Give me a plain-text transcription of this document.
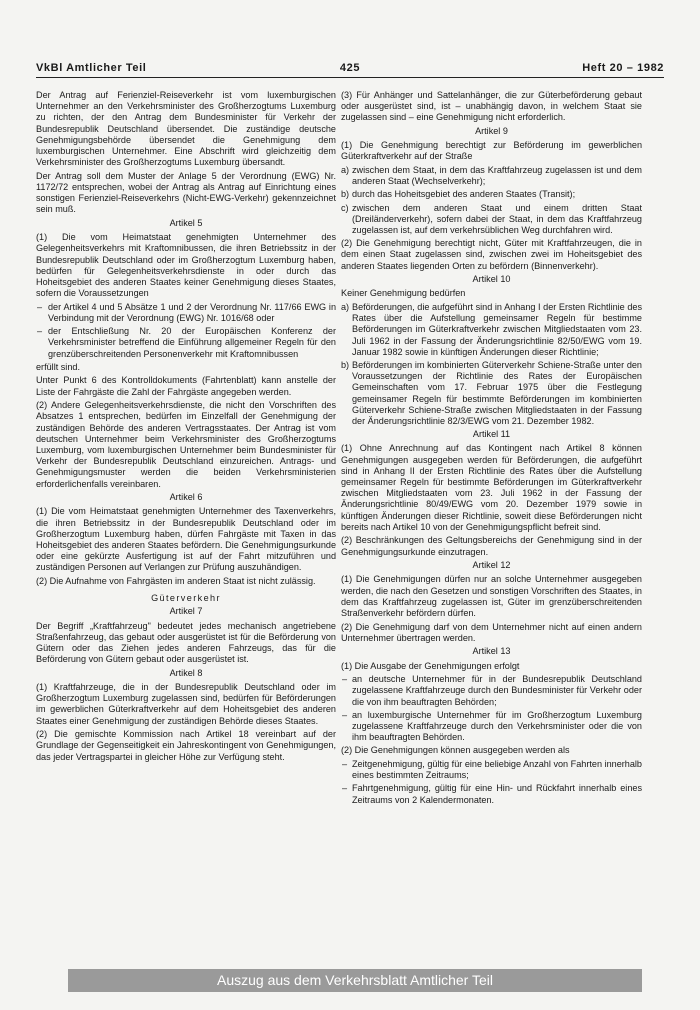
VkBl Amtlicher Teil	425	Heft 20 – 1982

Der Antrag auf Ferienziel-Reiseverkehr ist vom luxemburgischen Unternehmer an den Verkehrsminister des Großherzogtums Luxemburg zu richten, der den Antrag dem Bundesminister für Verkehr der Bundesrepublik Deutschland übersendet. Die zuständige deutsche Genehmigungsbehörde übersendet die Genehmigung dem luxemburgischen Unternehmer. Eine Abschrift wird gleichzeitig dem Verkehrsminister des Großherzogtums Luxemburg übersandt.

Der Antrag soll dem Muster der Anlage 5 der Verordnung (EWG) Nr. 1172/72 entsprechen, wobei der Antrag als Antrag auf Einrichtung eines sonstigen Ferienziel-Reiseverkehrs (Nicht-EWG-Verkehr) gekennzeichnet sein muß.

Artikel 5

(1) Die vom Heimatstaat genehmigten Unternehmer des Gelegenheitsverkehrs mit Kraftomnibussen, die ihren Betriebssitz in der Bundesrepublik Deutschland oder im Großherzogtum Luxemburg haben, bedürfen für Gelegenheitsverkehrsdienste in oder durch das Hoheitsgebiet des anderen Staates keiner Genehmigung dieses Staates, sofern die Voraussetzungen

– der Artikel 4 und 5 Absätze 1 und 2 der Verordnung Nr. 117/66 EWG in Verbindung mit der Verordnung (EWG) Nr. 1016/68 oder
– der Entschließung Nr. 20 der Europäischen Konferenz der Verkehrsminister betreffend die Einführung allgemeiner Regeln für den grenzüberschreitenden Personenverkehr mit Kraftomnibussen

erfüllt sind.

Unter Punkt 6 des Kontrolldokuments (Fahrtenblatt) kann anstelle der Liste der Fahrgäste die Zahl der Fahrgäste angegeben werden.

(2) Andere Gelegenheitsverkehrsdienste, die nicht den Vorschriften des Absatzes 1 entsprechen, bedürfen im Einzelfall der Genehmigung der zuständigen Behörde des anderen Vertragsstaates. Der Antrag ist vom deutschen Unternehmer beim Verkehrsminister des Großherzogtums Luxemburg, vom luxemburgischen Unternehmer beim Bundesminister für Verkehr der Bundesrepublik Deutschland einzureichen. Antrags- und Genehmigungsmuster werden die beiden Verkehrsministerien erforderlichenfalls vereinbaren.

Artikel 6

(1) Die vom Heimatstaat genehmigten Unternehmer des Taxenverkehrs, die ihren Betriebssitz in der Bundesrepublik Deutschland oder im Großherzogtum Luxemburg haben, dürfen Fahrgäste mit Taxen in das Hoheitsgebiet des anderen Staates befördern. Die Genehmigungsurkunde oder eine gekürzte Ausfertigung ist auf der Fahrt mitzuführen und zuständigen Personen auf Verlangen zur Prüfung auszuhändigen.

(2) Die Aufnahme von Fahrgästen im anderen Staat ist nicht zulässig.

Güterverkehr

Artikel 7

Der Begriff „Kraftfahrzeug" bedeutet jedes mechanisch angetriebene Straßenfahrzeug, das gebaut oder ausgerüstet ist für die Beförderung von Gütern oder das Ziehen jedes anderen Fahrzeugs, das für die Beförderung von Gütern gebaut oder ausgerüstet ist.

Artikel 8

(1) Kraftfahrzeuge, die in der Bundesrepublik Deutschland oder im Großherzogtum Luxemburg zugelassen sind, bedürfen für Beförderungen im gewerblichen Güterkraftverkehr auf dem Hoheitsgebiet des anderen Staates einer Genehmigung der zuständigen Behörde dieses Staates.

(2) Die gemischte Kommission nach Artikel 18 vereinbart auf der Grundlage der Gegenseitigkeit ein Jahreskontingent von Genehmigungen, das jeder Vertragspartei in gleicher Höhe zur Verfügung steht.

(3) Für Anhänger und Sattelanhänger, die zur Güterbeförderung gebaut oder ausgerüstet sind, ist – unabhängig davon, in welchem Staat sie zugelassen sind – eine Genehmigung nicht erforderlich.

Artikel 9

(1) Die Genehmigung berechtigt zur Beförderung im gewerblichen Güterkraftverkehr auf der Straße

a) zwischen dem Staat, in dem das Kraftfahrzeug zugelassen ist und dem anderen Staat (Wechselverkehr);
b) durch das Hoheitsgebiet des anderen Staates (Transit);
c) zwischen dem anderen Staat und einem dritten Staat (Dreiländerverkehr), sofern dabei der Staat, in dem das Kraftfahrzeug zugelassen ist, auf dem verkehrsüblichen Weg durchfahren wird.

(2) Die Genehmigung berechtigt nicht, Güter mit Kraftfahrzeugen, die in dem einen Staat zugelassen sind, zwischen zwei im Hoheitsgebiet des anderen Staates liegenden Orten zu befördern (Binnenverkehr).

Artikel 10

Keiner Genehmigung bedürfen

a) Beförderungen, die aufgeführt sind in Anhang I der Ersten Richtlinie des Rates über die Aufstellung gemeinsamer Regeln für bestimme Beförderungen im Güterkraftverkehr zwischen Mitgliedstaaten vom 23. Juli 1962 in der Fassung der Änderungsrichtlinie 82/50/EWG vom 19. Januar 1982 sowie in künftigen Änderungen dieser Richtlinie;
b) Beförderungen im kombinierten Güterverkehr Schiene-Straße unter den Voraussetzungen der Richtlinie des Rates der Europäischen Gemeinschaften vom 17. Februar 1975 über die Festlegung gemeinsamer Regeln für bestimmte Beförderungen im kombinierten Güterverkehr Schiene-Straße zwischen Mitgliedstaaten in der Fassung der Änderungsrichtlinie 82/3/EWG vom 21. Dezember 1982.

Artikel 11

(1) Ohne Anrechnung auf das Kontingent nach Artikel 8 können Genehmigungen ausgegeben werden für Beförderungen, die aufgeführt sind in Anhang II der Ersten Richtlinie des Rates über die Aufstellung gemeinsamer Regeln für bestimmte Beförderungen im Güterkraftverkehr zwischen Mitgliedstaaten vom 23. Juli 1962 in der Fassung der Änderungsrichtlinie 80/49/EWG vom 20. Dezember 1979 sowie in künftigen Änderungen dieser Richtlinie, soweit diese Beförderungen nicht bereits nach Artikel 10 von der Genehmigungspflicht befreit sind.

(2) Beschränkungen des Geltungsbereichs der Genehmigung sind in der Genehmigungsurkunde einzutragen.

Artikel 12

(1) Die Genehmigungen dürfen nur an solche Unternehmer ausgegeben werden, die nach den Gesetzen und sonstigen Vorschriften des Staates, in dem das Kraftfahrzeug zugelassen ist, Güter im grenzüberschreitenden Straßenverkehr befördern dürfen.

(2) Die Genehmigung darf von dem Unternehmer nicht auf einen andern Unternehmer übertragen werden.

Artikel 13

(1) Die Ausgabe der Genehmigungen erfolgt

– an deutsche Unternehmer für in der Bundesrepublik Deutschland zugelassene Kraftfahrzeuge durch den Bundesminister für Verkehr oder die von ihm beauftragten Behörden;
– an luxemburgische Unternehmer für im Großherzogtum Luxemburg zugelassene Kraftfahrzeuge durch den Verkehrsminister oder die von ihm beauftragten Behörden.

(2) Die Genehmigungen können ausgegeben werden als

– Zeitgenehmigung, gültig für eine beliebige Anzahl von Fahrten innerhalb eines bestimmten Zeitraums;
– Fahrtgenehmigung, gültig für eine Hin- und Rückfahrt innerhalb eines Zeitraums von 2 Kalendermonaten.
Auszug aus dem Verkehrsblatt Amtlicher Teil
